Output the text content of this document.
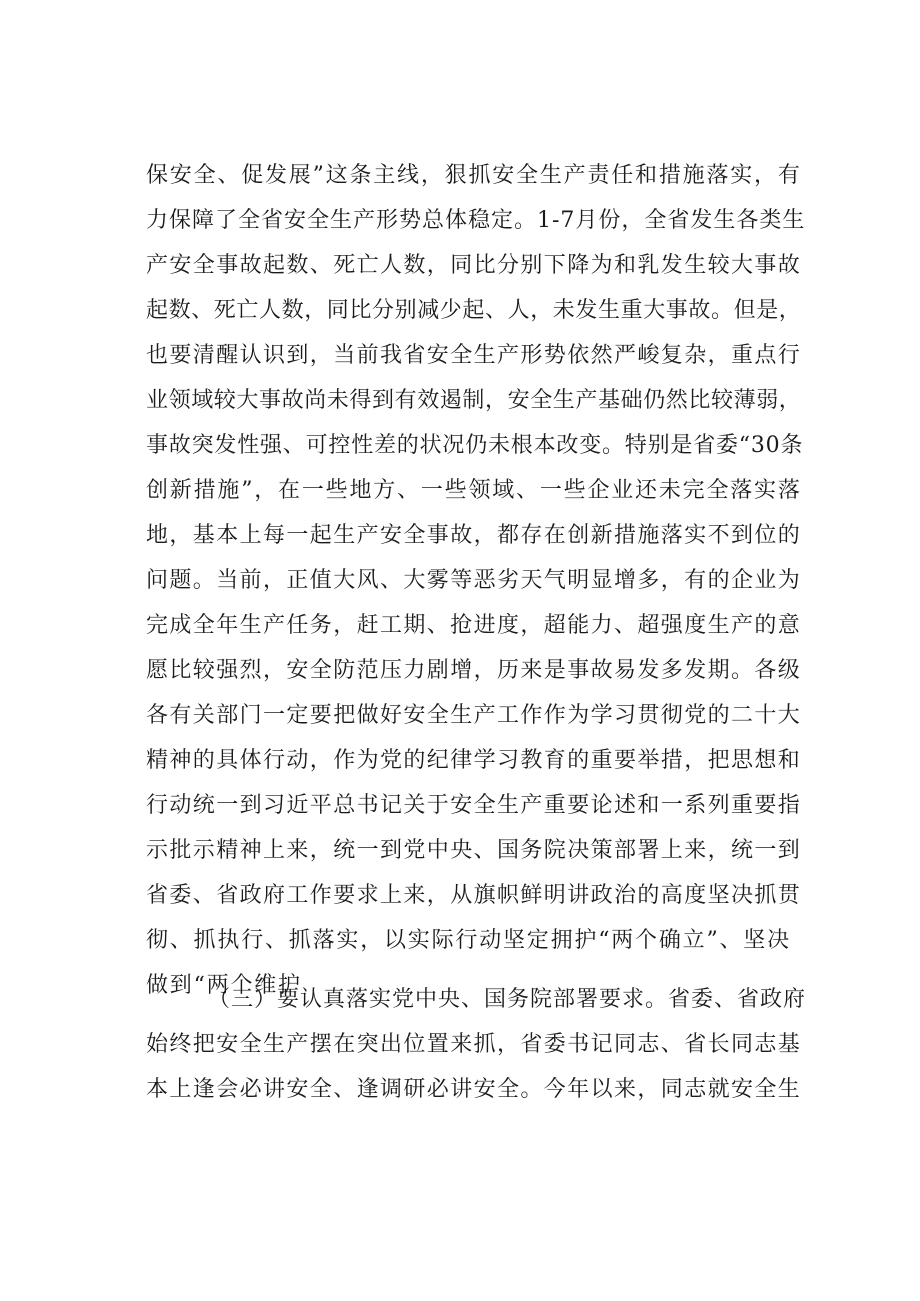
保安全、促发展”这条主线，狠抓安全生产责任和措施落实，有
力保障了全省安全生产形势总体稳定。1-7月份，全省发生各类生
产安全事故起数、死亡人数，同比分别下降为和乳发生较大事故
起数、死亡人数，同比分别减少起、人，未发生重大事故。但是，
也要清醒认识到，当前我省安全生产形势依然严峻复杂，重点行
业领域较大事故尚未得到有效遏制，安全生产基础仍然比较薄弱，
事故突发性强、可控性差的状况仍未根本改变。特别是省委“30条
创新措施”，在一些地方、一些领域、一些企业还未完全落实落
地，基本上每一起生产安全事故，都存在创新措施落实不到位的
问题。当前，正值大风、大雾等恶劣天气明显增多，有的企业为
完成全年生产任务，赶工期、抢进度，超能力、超强度生产的意
愿比较强烈，安全防范压力剧增，历来是事故易发多发期。各级
各有关部门一定要把做好安全生产工作作为学习贯彻党的二十大
精神的具体行动，作为党的纪律学习教育的重要举措，把思想和
行动统一到习近平总书记关于安全生产重要论述和一系列重要指
示批示精神上来，统一到党中央、国务院决策部署上来，统一到
省委、省政府工作要求上来，从旗帜鲜明讲政治的高度坚决抓贯
彻、抓执行、抓落实，以实际行动坚定拥护“两个确立”、坚决
做到“两个维护
（三）要认真落实党中央、国务院部署要求。省委、省政府
始终把安全生产摆在突出位置来抓，省委书记同志、省长同志基
本上逢会必讲安全、逢调研必讲安全。今年以来，同志就安全生
